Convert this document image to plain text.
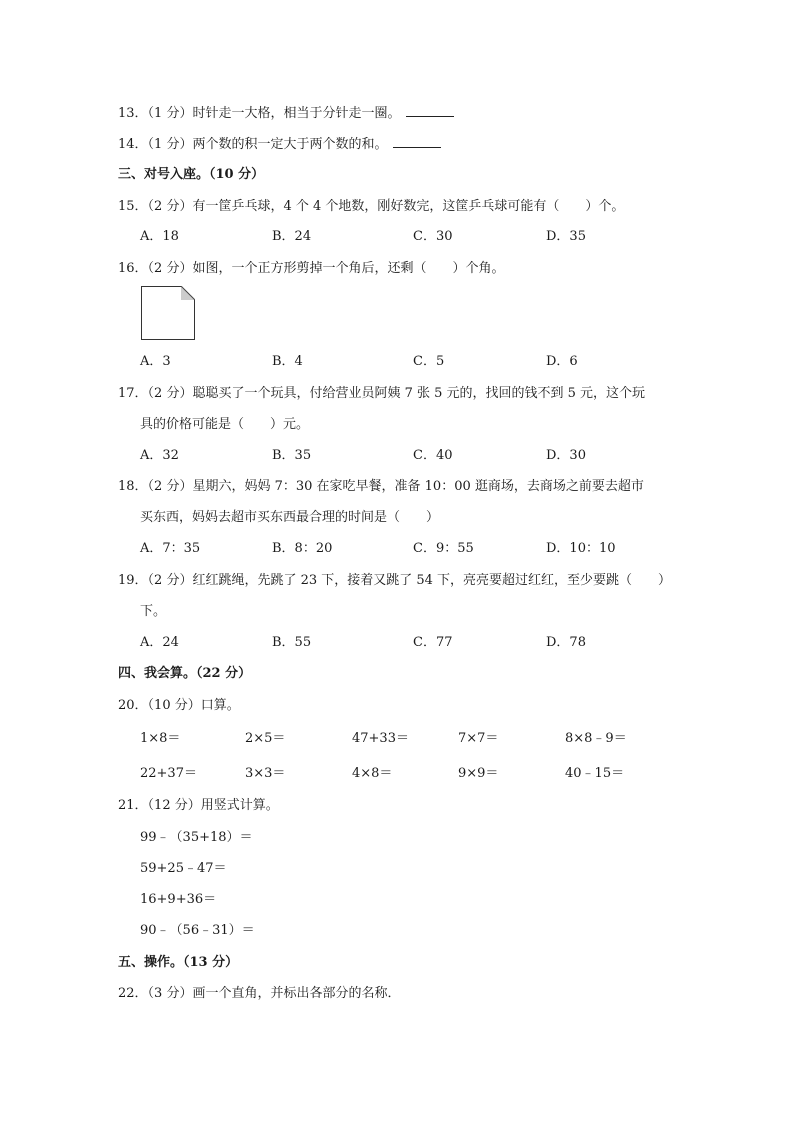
13．（1 分）时针走一大格，相当于分针走一圈。
14．（1 分）两个数的积一定大于两个数的和。
三、对号入座。（10 分）
15．（2 分）有一筐乒乓球，4 个 4 个地数，刚好数完，这筐乒乓球可能有（　　）个。
A．18	B．24	C．30	D．35
16．（2 分）如图，一个正方形剪掉一个角后，还剩（　　）个角。
A．3	B．4	C．5	D．6
17．（2 分）聪聪买了一个玩具，付给营业员阿姨 7 张 5 元的，找回的钱不到 5 元，这个玩
具的价格可能是（　　）元。
A．32	B．35	C．40	D．30
18．（2 分）星期六，妈妈 7：30 在家吃早餐，准备 10：00 逛商场，去商场之前要去超市
买东西，妈妈去超市买东西最合理的时间是（　　）
A．7：35	B．8：20	C．9：55	D．10：10
19．（2 分）红红跳绳，先跳了 23 下，接着又跳了 54 下，亮亮要超过红红，至少要跳（　　）
下。
A．24	B．55	C．77	D．78
四、我会算。（22 分）
20．（10 分）口算。
1×8＝	2×5＝	47+33＝	7×7＝	8×8﹣9＝
22+37＝	3×3＝	4×8＝	9×9＝	40﹣15＝
21．（12 分）用竖式计算。
99﹣（35+18）＝
59+25﹣47＝
16+9+36＝
90﹣（56﹣31）＝
五、操作。（13 分）
22．（3 分）画一个直角，并标出各部分的名称．
